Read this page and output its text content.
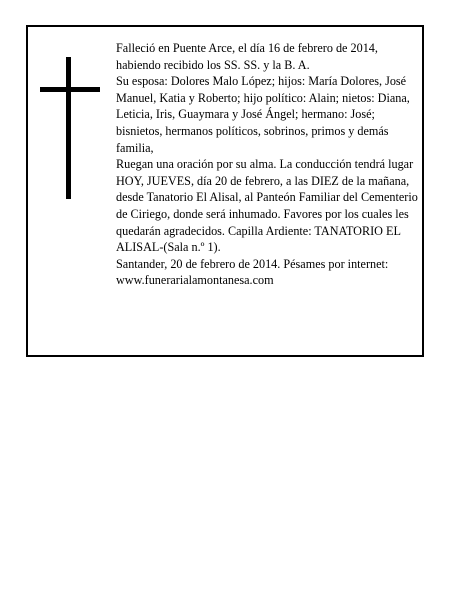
Falleció en Puente Arce, el día 16 de febrero de 2014, habiendo recibido los SS. SS. y la B. A.

Su esposa: Dolores Malo López; hijos: María Dolores, José Manuel, Katia y Roberto; hijo político: Alain; nietos: Diana, Leticia, Iris, Guaymara y José Ángel; hermano: José; bisnietos, hermanos políticos, sobrinos, primos y demás familia,

Ruegan una oración por su alma. La conducción tendrá lugar HOY, JUEVES, día 20 de febrero, a las DIEZ de la mañana, desde Tanatorio El Alisal, al Panteón Familiar del Cementerio de Ciriego, donde será inhumado. Favores por los cuales les quedarán agradecidos. Capilla Ardiente: TANATORIO EL ALISAL-(Sala n.º 1).

Santander, 20 de febrero de 2014. Pésames por internet: www.funerarialamontanesa.com
